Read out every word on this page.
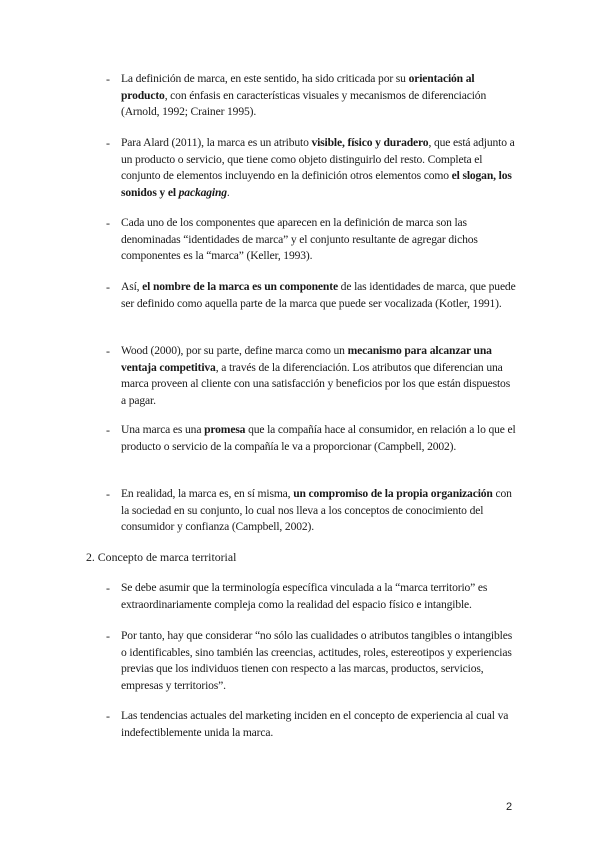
- La definición de marca, en este sentido, ha sido criticada por su orientación al producto, con énfasis en características visuales y mecanismos de diferenciación (Arnold, 1992; Crainer 1995).
- Para Alard (2011), la marca es un atributo visible, físico y duradero, que está adjunto a un producto o servicio, que tiene como objeto distinguirlo del resto. Completa el conjunto de elementos incluyendo en la definición otros elementos como el slogan, los sonidos y el packaging.
- Cada uno de los componentes que aparecen en la definición de marca son las denominadas “identidades de marca” y el conjunto resultante de agregar dichos componentes es la “marca” (Keller, 1993).
- Así, el nombre de la marca es un componente de las identidades de marca, que puede ser definido como aquella parte de la marca que puede ser vocalizada (Kotler, 1991).
- Wood (2000), por su parte, define marca como un mecanismo para alcanzar una ventaja competitiva, a través de la diferenciación. Los atributos que diferencian una marca proveen al cliente con una satisfacción y beneficios por los que están dispuestos a pagar.
- Una marca es una promesa que la compañía hace al consumidor, en relación a lo que el producto o servicio de la compañía le va a proporcionar (Campbell, 2002).
- En realidad, la marca es, en sí misma, un compromiso de la propia organización con la sociedad en su conjunto, lo cual nos lleva a los conceptos de conocimiento del consumidor y confianza (Campbell, 2002).
2. Concepto de marca territorial
- Se debe asumir que la terminología específica vinculada a la “marca territorio” es extraordinariamente compleja como la realidad del espacio físico e intangible.
- Por tanto, hay que considerar “no sólo las cualidades o atributos tangibles o intangibles o identificables, sino también las creencias, actitudes, roles, estereotipos y experiencias previas que los individuos tienen con respecto a las marcas, productos, servicios, empresas y territorios”.
- Las tendencias actuales del marketing inciden en el concepto de experiencia al cual va indefectiblemente unida la marca.
2
